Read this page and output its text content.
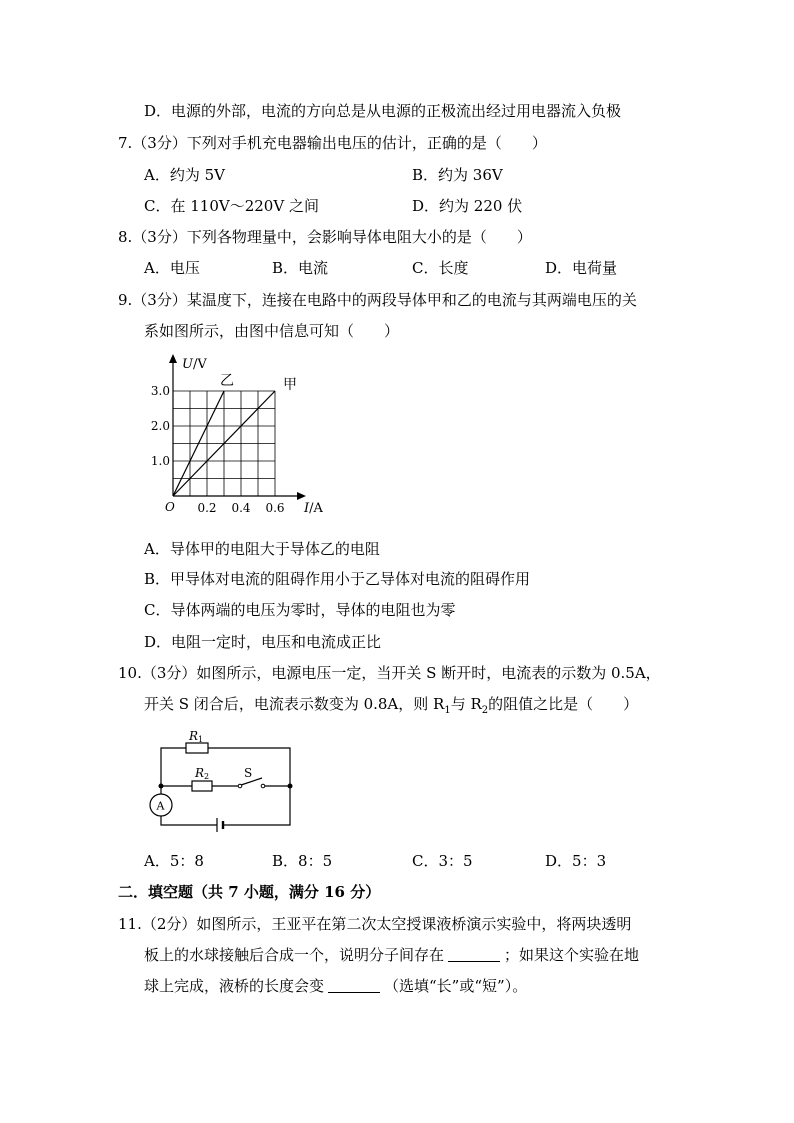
D．电源的外部，电流的方向总是从电源的正极流出经过用电器流入负极
7.（3分）下列对手机充电器输出电压的估计，正确的是（　　）
A．约为 5V	B．约为 36V
C．在 110V～220V 之间	D．约为 220 伏
8.（3分）下列各物理量中，会影响导体电阻大小的是（　　）
A．电压	B．电流	C．长度	D．电荷量
9.（3分）某温度下，连接在电路中的两段导体甲和乙的电流与其两端电压的关
系如图所示，由图中信息可知（　　）
乙	甲
0.2 0.4 0.6
1.0
2.0
3.0
U/V
I/A
O
A．导体甲的电阻大于导体乙的电阻
B．甲导体对电流的阻碍作用小于乙导体对电流的阻碍作用
C．导体两端的电压为零时，导体的电阻也为零
D．电阻一定时，电压和电流成正比
10.（3分）如图所示，电源电压一定，当开关 S 断开时，电流表的示数为 0.5A，
开关 S 闭合后，电流表示数变为 0.8A，则 $R_1$与 $R_2$的阻值之比是（　　）
R1
R2	S
A
A．5：8	B．8：5	C．3：5	D．5：3
二．填空题（共 7 小题，满分 16 分）
11.（2分）如图所示，王亚平在第二次太空授课液桥演示实验中，将两块透明
板上的水球接触后合成一个，说明分子间存在	；如果这个实验在地
球上完成，液桥的长度会变	（选填“长”或“短”）。
